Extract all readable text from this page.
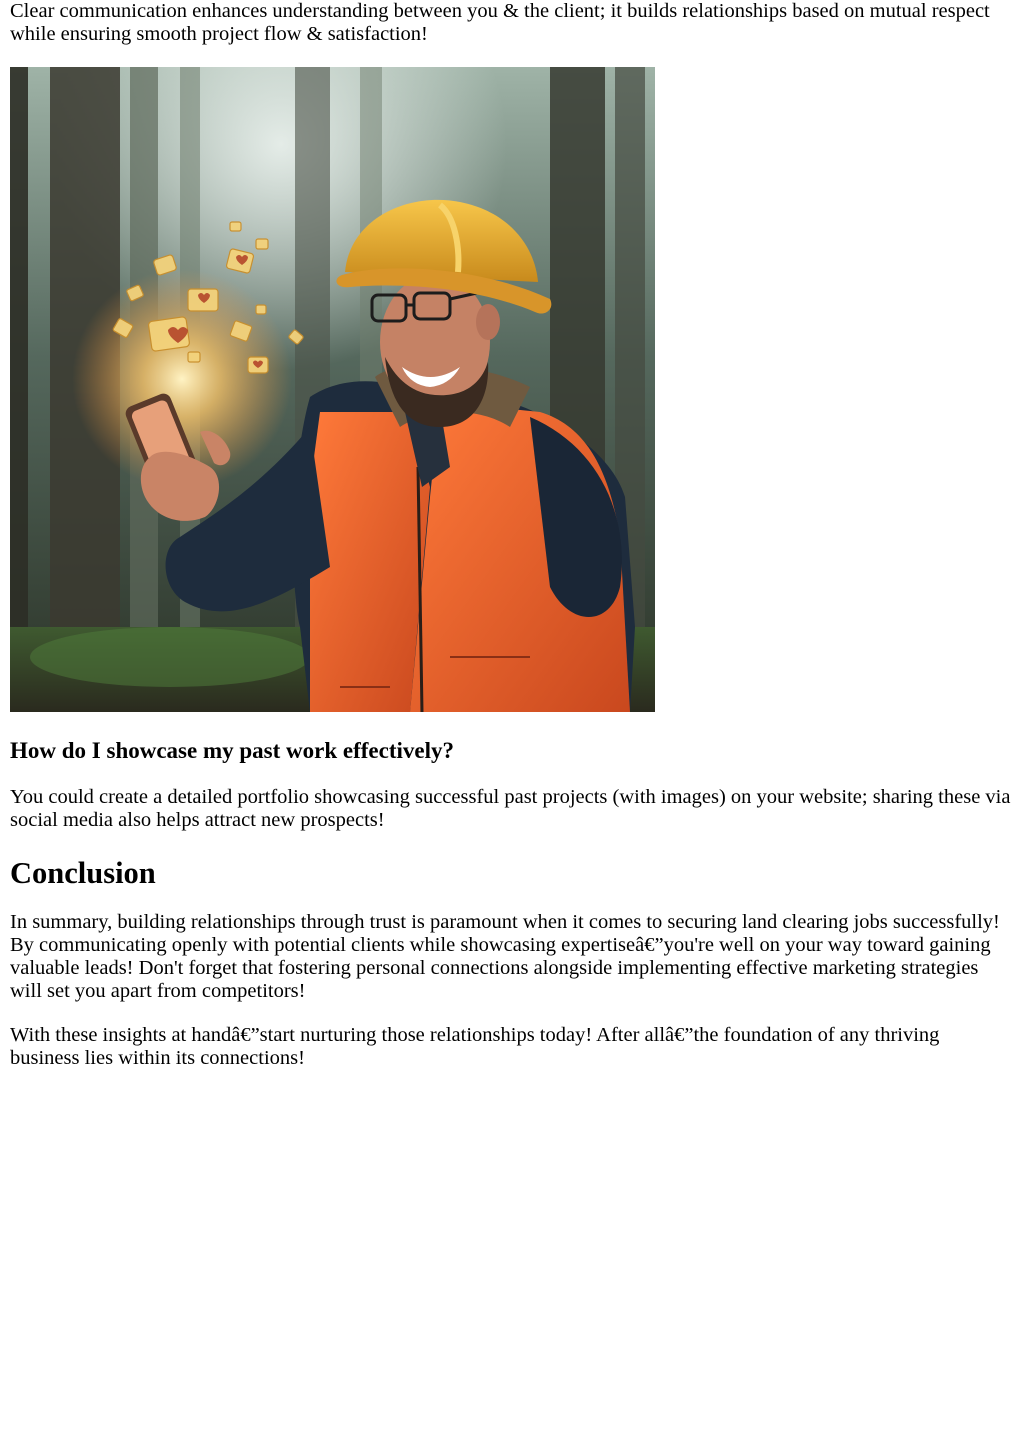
Clear communication enhances understanding between you & the client; it builds relationships based on mutual respect while ensuring smooth project flow & satisfaction!

How do I showcase my past work effectively?

You could create a detailed portfolio showcasing successful past projects (with images) on your website; sharing these via social media also helps attract new prospects!

Conclusion

In summary, building relationships through trust is paramount when it comes to securing land clearing jobs successfully! By communicating openly with potential clients while showcasing expertiseâ€”you're well on your way toward gaining valuable leads! Don't forget that fostering personal connections alongside implementing effective marketing strategies will set you apart from competitors!

With these insights at handâ€”start nurturing those relationships today! After allâ€”the foundation of any thriving business lies within its connections!
